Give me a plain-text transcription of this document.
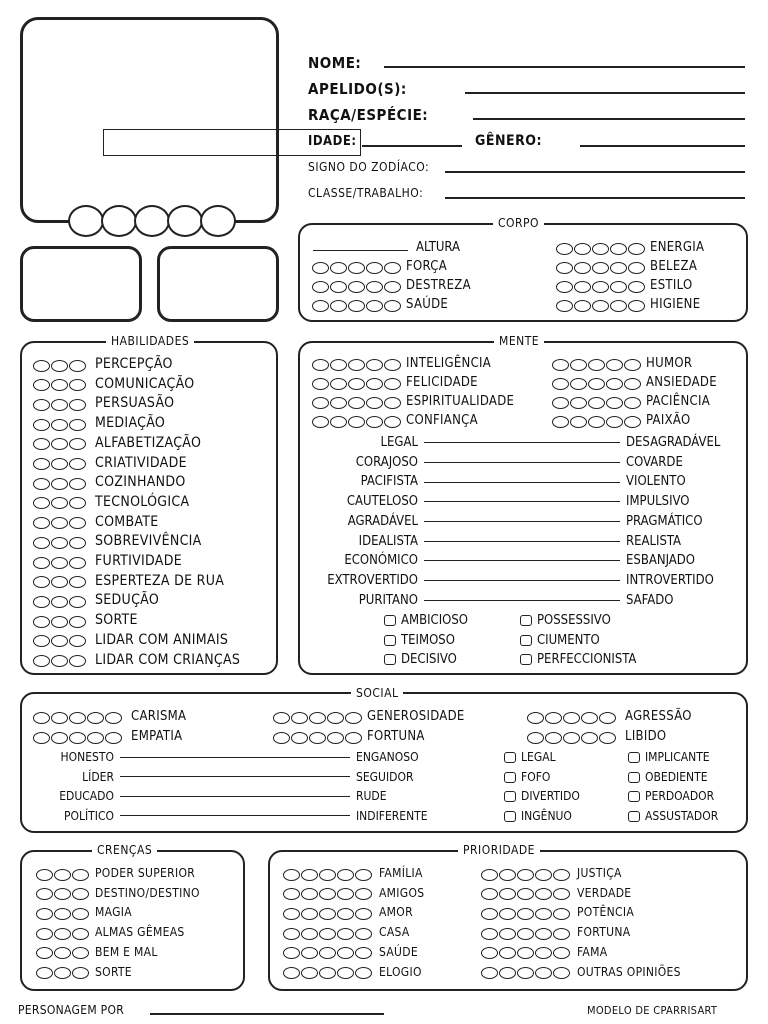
NOME:
APELIDO(S):
RAÇA/ESPÉCIE:
IDADE:	GÊNERO:
SIGNO DO ZODÍACO:
CLASSE/TRABALHO:
CORPO
ALTURA
FORÇA
DESTREZA
SAÚDE
ENERGIA
BELEZA
ESTILO
HIGIENE
HABILIDADES
PERCEPÇÃO
COMUNICAÇÃO
PERSUASÃO
MEDIAÇÃO
ALFABETIZAÇÃO
CRIATIVIDADE
COZINHANDO
TECNOLÓGICA
COMBATE
SOBREVIVÊNCIA
FURTIVIDADE
ESPERTEZA DE RUA
SEDUÇÃO
SORTE
LIDAR COM ANIMAIS
LIDAR COM CRIANÇAS
MENTE
INTELIGÊNCIA
FELICIDADE
ESPIRITUALIDADE
CONFIANÇA
HUMOR
ANSIEDADE
PACIÊNCIA
PAIXÃO
LEGAL	DESAGRADÁVEL
CORAJOSO	COVARDE
PACIFISTA	VIOLENTO
CAUTELOSO	IMPULSIVO
AGRADÁVEL	PRAGMÁTICO
IDEALISTA	REALISTA
ECONÓMICO	ESBANJADO
EXTROVERTIDO	INTROVERTIDO
PURITANO	SAFADO
AMBICIOSO
TEIMOSO
DECISIVO
POSSESSIVO
CIUMENTO
PERFECCIONISTA
SOCIAL
CARISMA
EMPATIA
GENEROSIDADE
FORTUNA
AGRESSÃO
LIBIDO
HONESTO	ENGANOSO
LÍDER	SEGUIDOR
EDUCADO	RUDE
POLÍTICO	INDIFERENTE
LEGAL
FOFO
DIVERTIDO
INGÊNUO
IMPLICANTE
OBEDIENTE
PERDOADOR
ASSUSTADOR
CRENÇAS
PODER SUPERIOR
DESTINO/DESTINO
MAGIA
ALMAS GÊMEAS
BEM E MAL
SORTE
PRIORIDADE
FAMÍLIA
AMIGOS
AMOR
CASA
SAÚDE
ELOGIO
JUSTIÇA
VERDADE
POTÊNCIA
FORTUNA
FAMA
OUTRAS OPINIÕES
PERSONAGEM POR	MODELO DE CPARRISART
